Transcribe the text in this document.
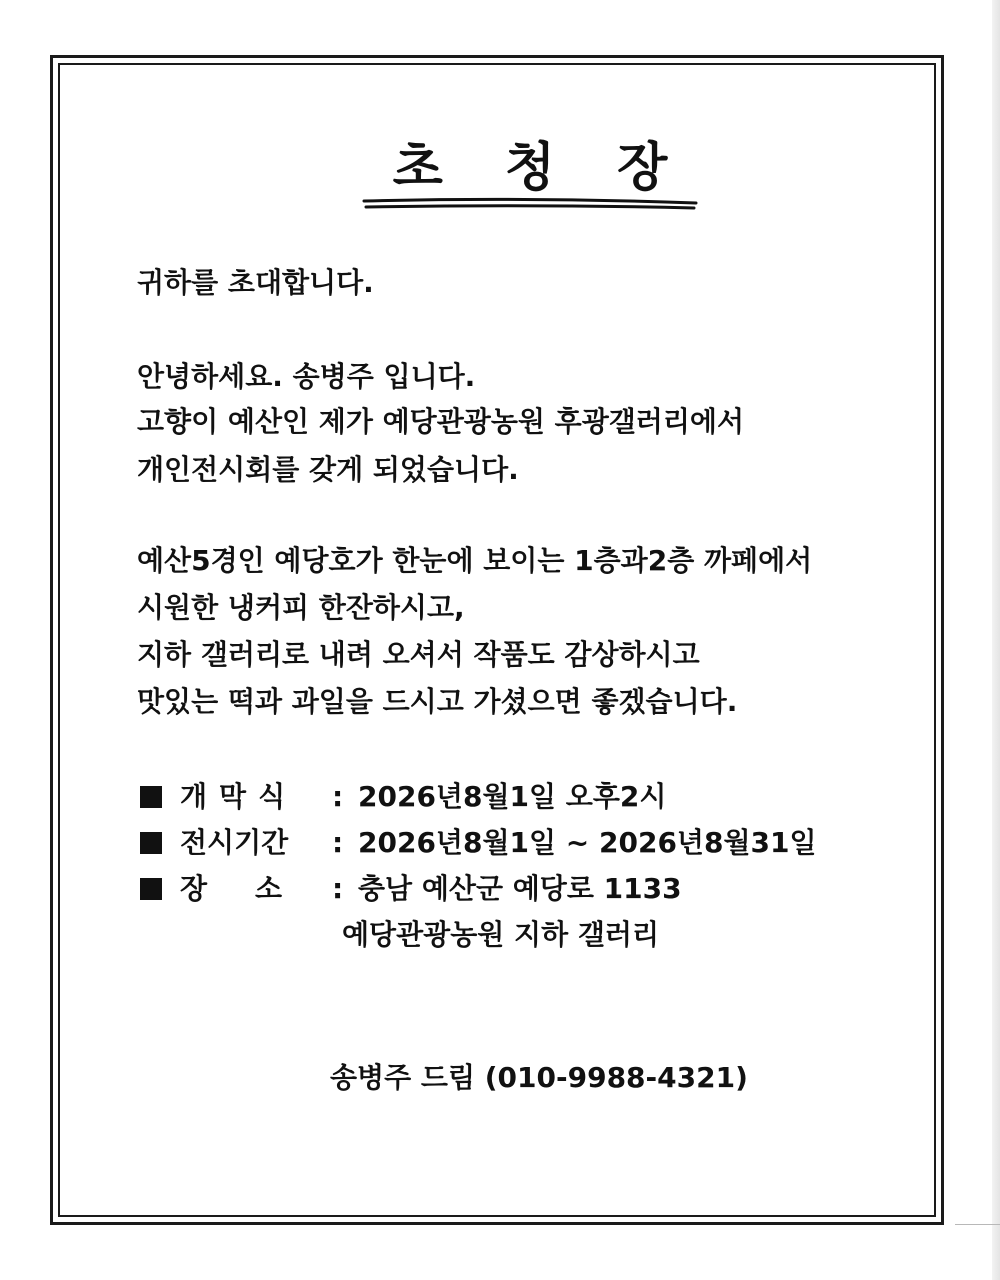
초청장

귀하를 초대합니다.

안녕하세요. 송병주 입니다.

고향이 예산인 제가 예당관광농원 후광갤러리에서

개인전시회를 갖게 되었습니다.

예산5경인 예당호가 한눈에 보이는 1층과2층 까페에서

시원한 냉커피 한잔하시고,

지하 갤러리로 내려 오셔서 작품도 감상하시고

맛있는 떡과 과일을 드시고 가셨으면 좋겠습니다.

개막식 : 2026년8월1일 오후2시
전시기간 : 2026년8월1일 ~ 2026년8월31일
장소: 충남 예산군 예당로 1133
예당관광농원 지하 갤러리
송병주 드림 (010-9988-4321)
